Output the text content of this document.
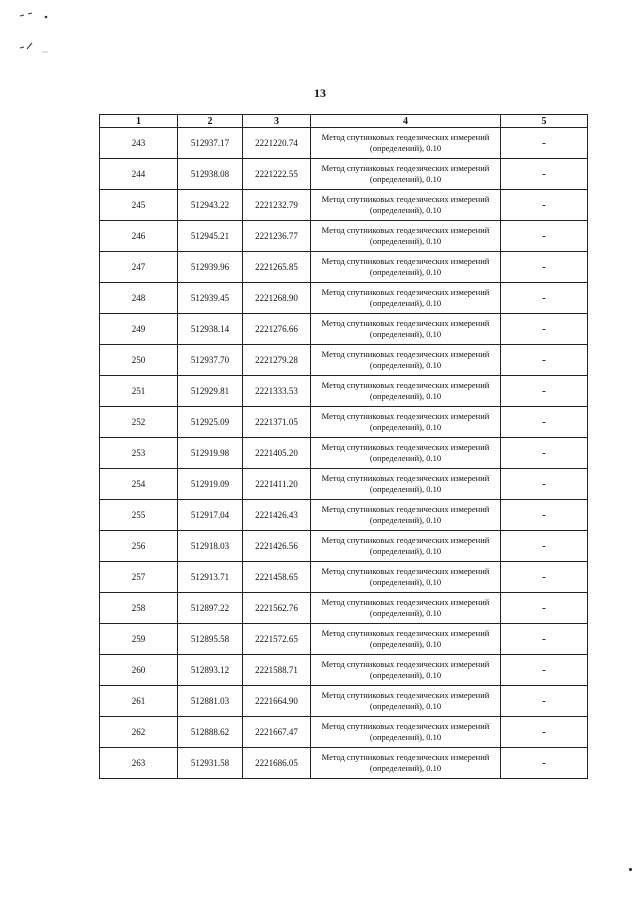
13
1	2	3	4	5
243	512937.17	2221220.74	Метод спутниковых геодезических измерений (определений), 0.10	-
244	512938.08	2221222.55	Метод спутниковых геодезических измерений (определений), 0.10	-
245	512943.22	2221232.79	Метод спутниковых геодезических измерений (определений), 0.10	-
246	512945.21	2221236.77	Метод спутниковых геодезических измерений (определений), 0.10	-
247	512939.96	2221265.85	Метод спутниковых геодезических измерений (определений), 0.10	-
248	512939.45	2221268.90	Метод спутниковых геодезических измерений (определений), 0.10	-
249	512938.14	2221276.66	Метод спутниковых геодезических измерений (определений), 0.10	-
250	512937.70	2221279.28	Метод спутниковых геодезических измерений (определений), 0.10	-
251	512929.81	2221333.53	Метод спутниковых геодезических измерений (определений), 0.10	-
252	512925.09	2221371.05	Метод спутниковых геодезических измерений (определений), 0.10	-
253	512919.98	2221405.20	Метод спутниковых геодезических измерений (определений), 0.10	-
254	512919.09	2221411.20	Метод спутниковых геодезических измерений (определений), 0.10	-
255	512917.04	2221426.43	Метод спутниковых геодезических измерений (определений), 0.10	-
256	512918.03	2221426.56	Метод спутниковых геодезических измерений (определений), 0.10	-
257	512913.71	2221458.65	Метод спутниковых геодезических измерений (определений), 0.10	-
258	512897.22	2221562.76	Метод спутниковых геодезических измерений (определений), 0.10	-
259	512895.58	2221572.65	Метод спутниковых геодезических измерений (определений), 0.10	-
260	512893.12	2221588.71	Метод спутниковых геодезических измерений (определений), 0.10	-
261	512881.03	2221664.90	Метод спутниковых геодезических измерений (определений), 0.10	-
262	512888.62	2221667.47	Метод спутниковых геодезических измерений (определений), 0.10	-
263	512931.58	2221686.05	Метод спутниковых геодезических измерений (определений), 0.10	-
